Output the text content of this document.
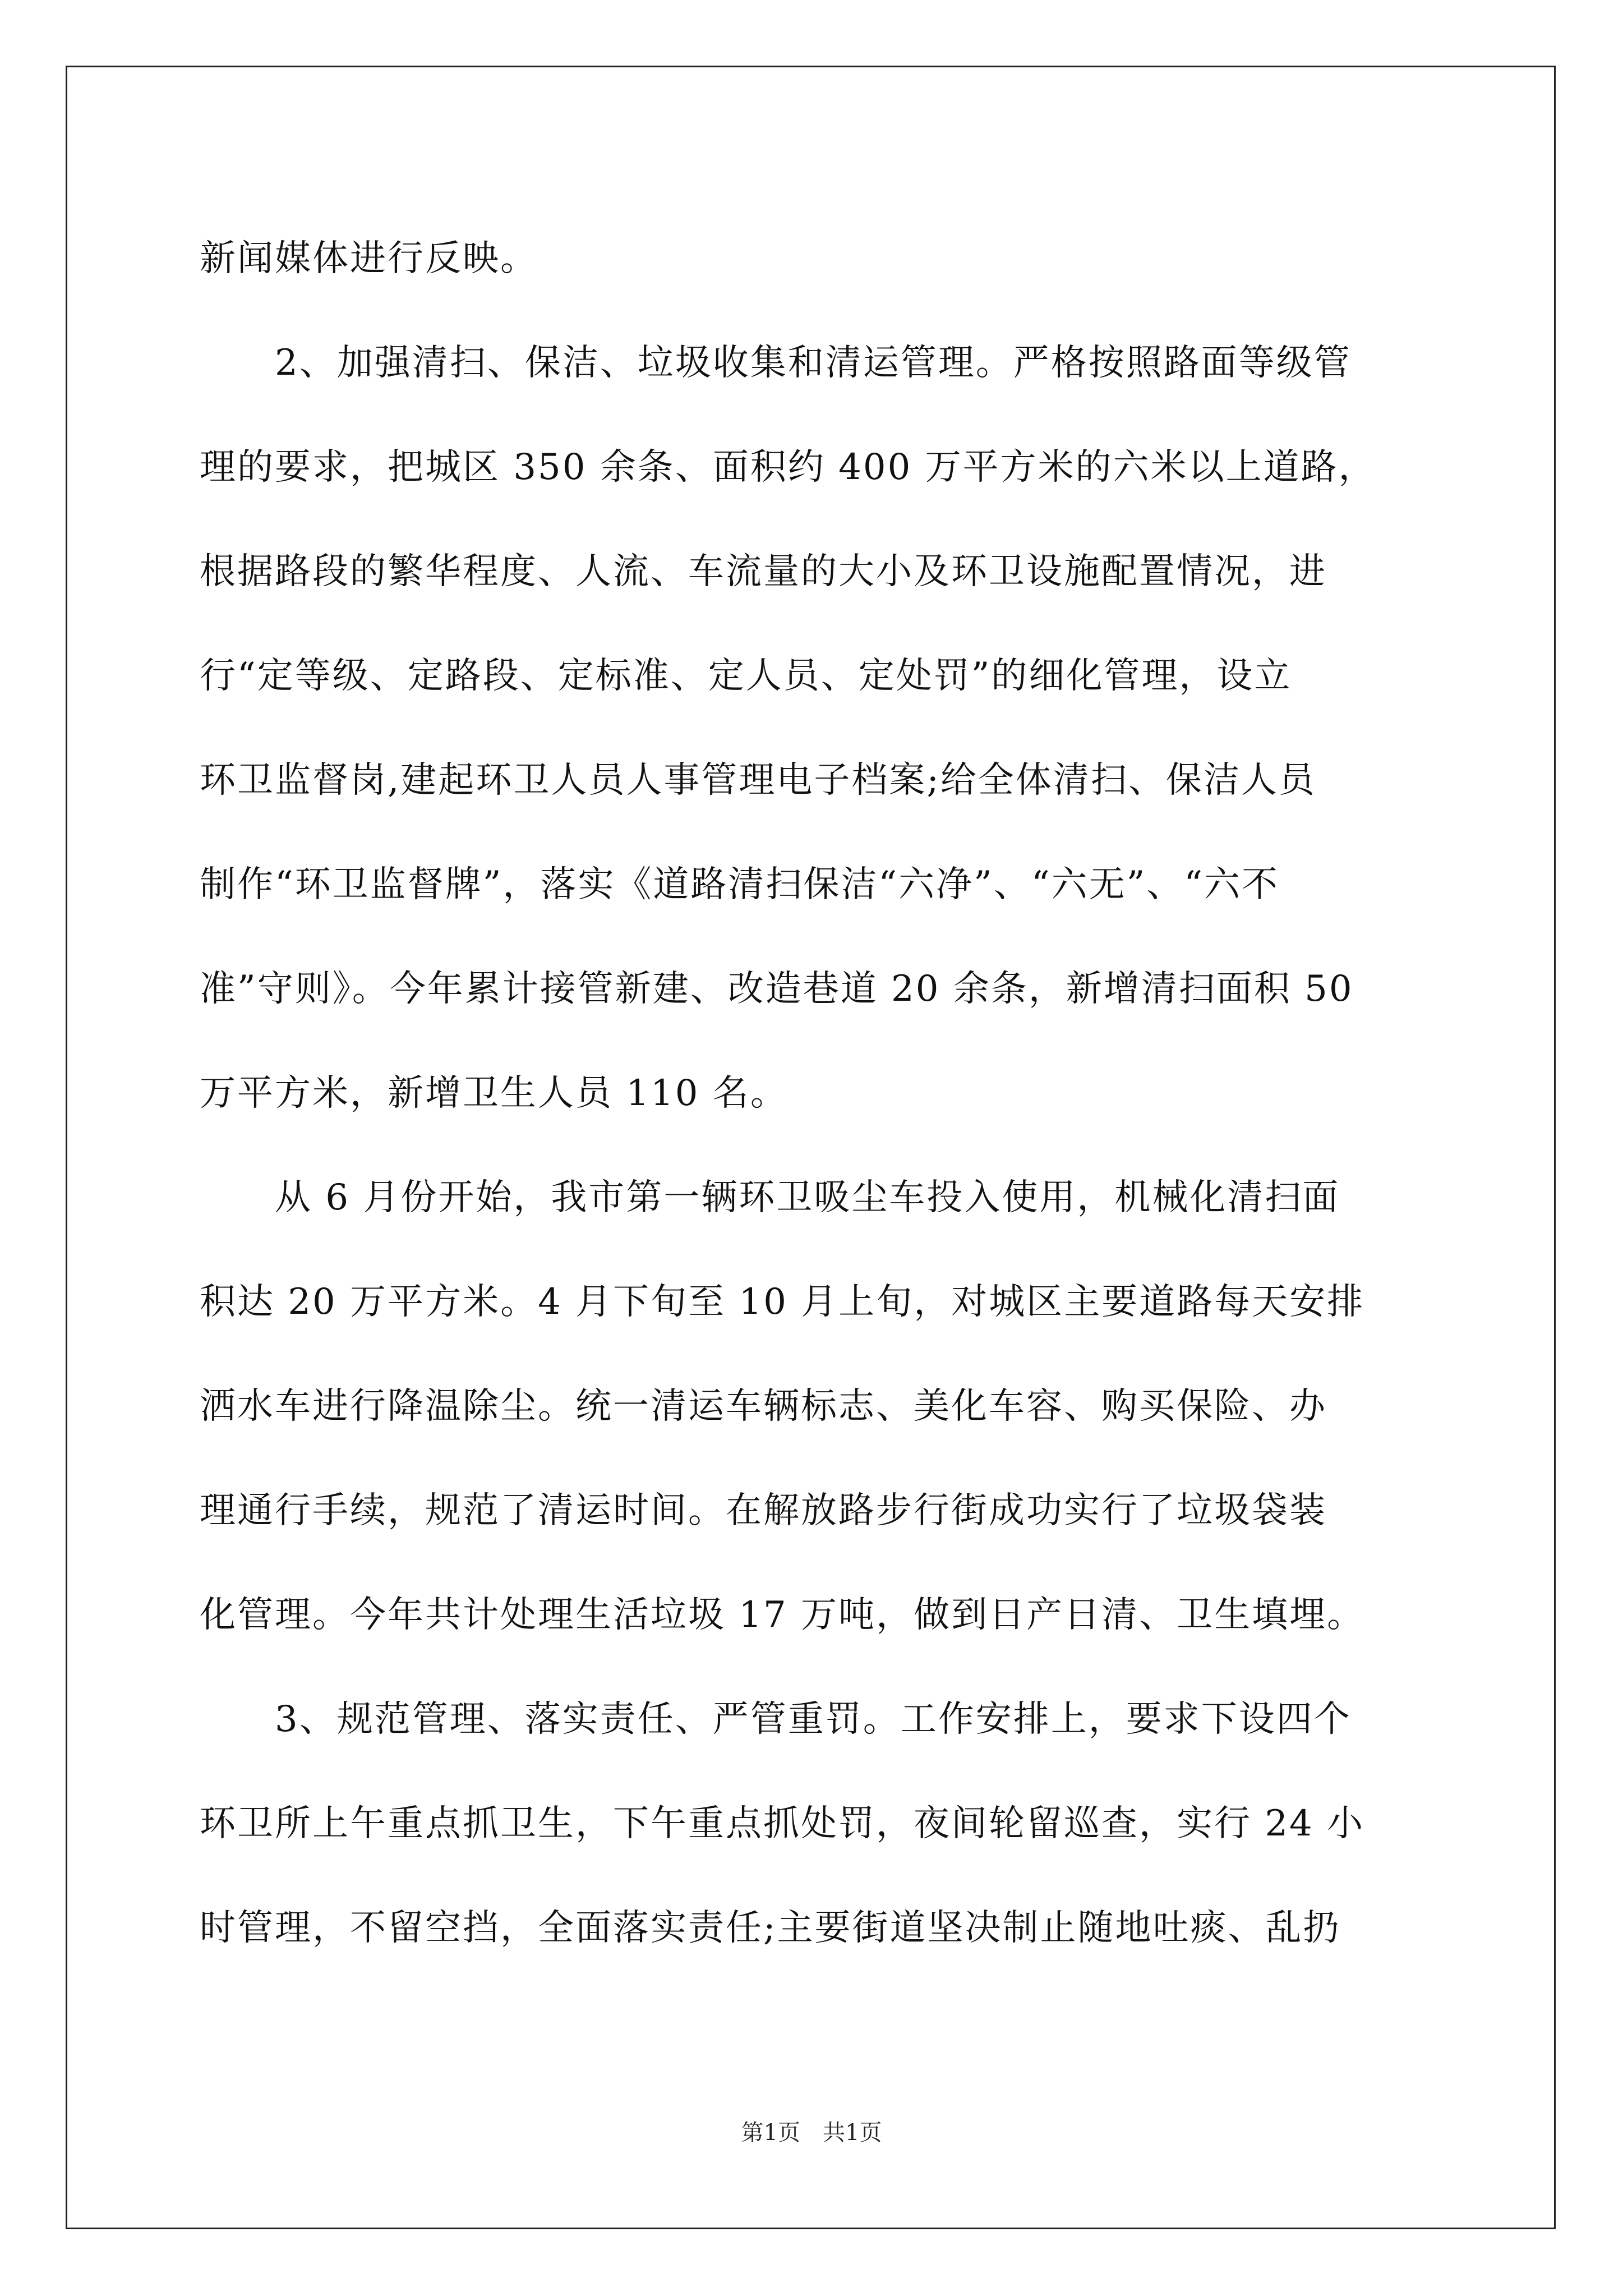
新闻媒体进行反映。
　　2、加强清扫、保洁、垃圾收集和清运管理。严格按照路面等级管
理的要求，把城区 350 余条、面积约 400 万平方米的六米以上道路，
根据路段的繁华程度、人流、车流量的大小及环卫设施配置情况，进
行“定等级、定路段、定标准、定人员、定处罚”的细化管理，设立
环卫监督岗,建起环卫人员人事管理电子档案;给全体清扫、保洁人员
制作“环卫监督牌”，落实《道路清扫保洁“六净”、“六无”、“六不
准”守则》。今年累计接管新建、改造巷道 20 余条，新增清扫面积 50
万平方米，新增卫生人员 110 名。
　　从 6 月份开始，我市第一辆环卫吸尘车投入使用，机械化清扫面
积达 20 万平方米。4 月下旬至 10 月上旬，对城区主要道路每天安排
洒水车进行降温除尘。统一清运车辆标志、美化车容、购买保险、办
理通行手续，规范了清运时间。在解放路步行街成功实行了垃圾袋装
化管理。今年共计处理生活垃圾 17 万吨，做到日产日清、卫生填埋。
　　3、规范管理、落实责任、严管重罚。工作安排上，要求下设四个
环卫所上午重点抓卫生，下午重点抓处罚，夜间轮留巡查，实行 24 小
时管理，不留空挡，全面落实责任;主要街道坚决制止随地吐痰、乱扔
第1页　共1页
